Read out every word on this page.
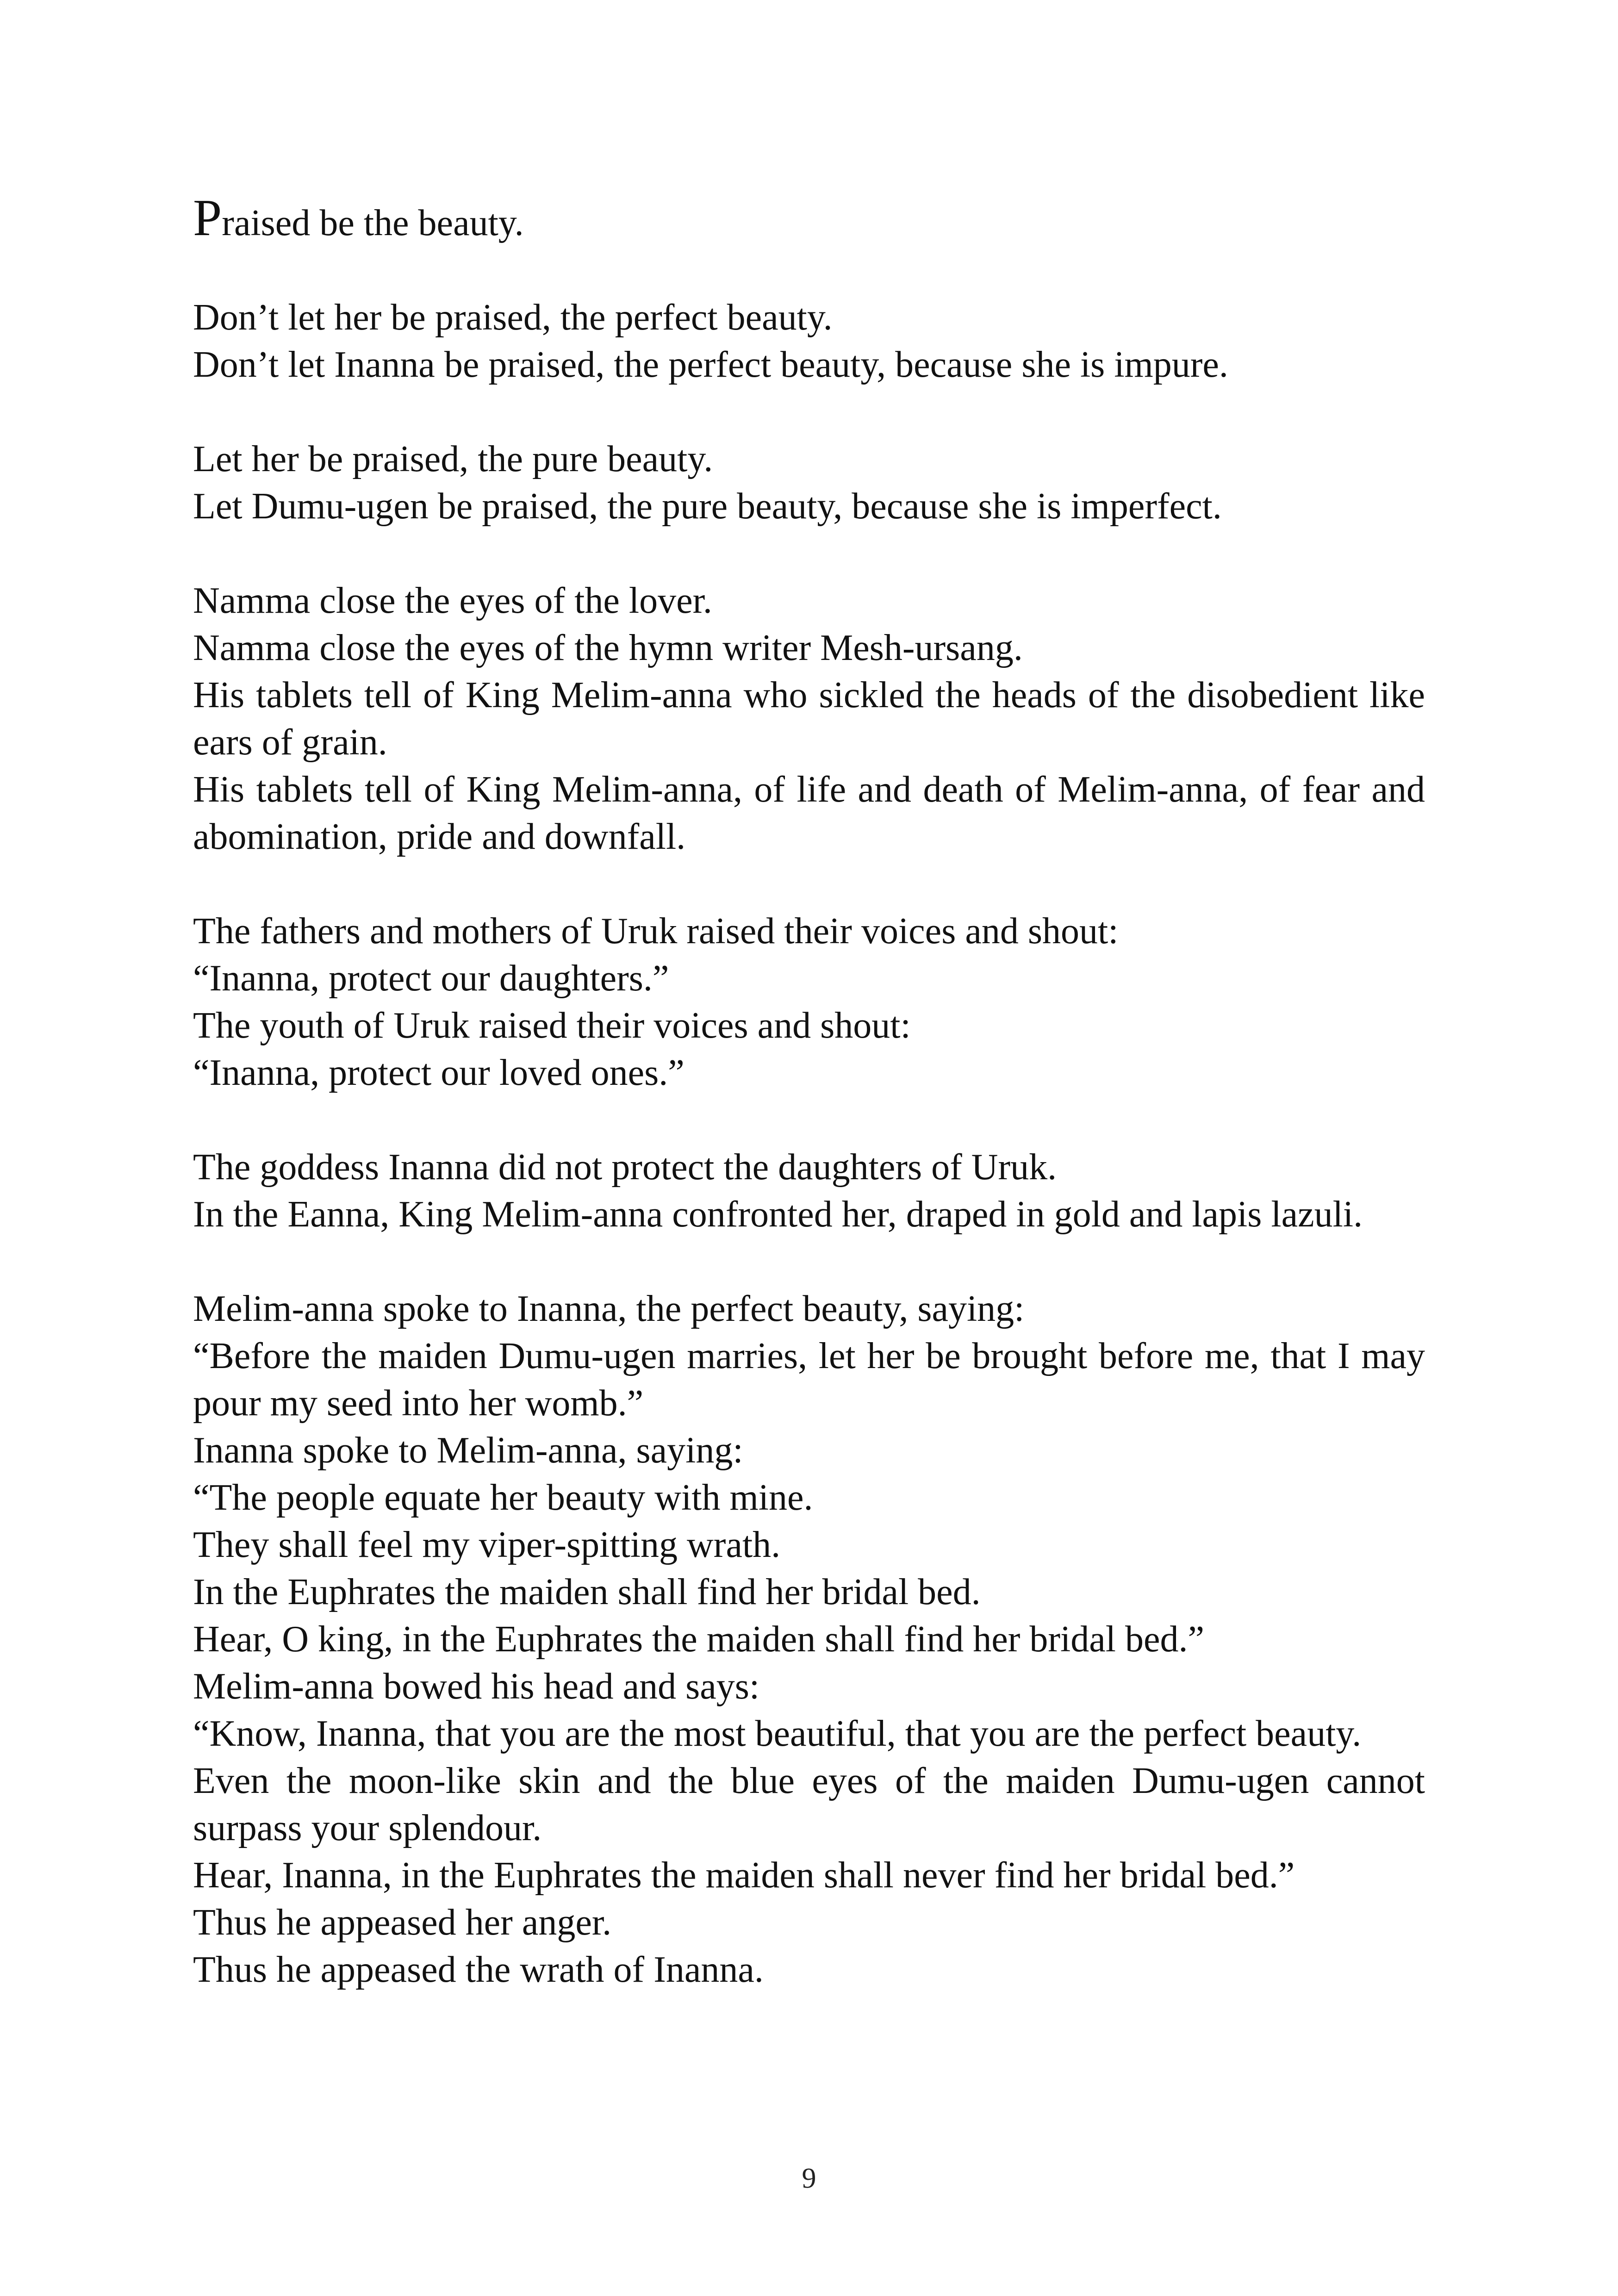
Praised be the beauty.
Don’t let her be praised, the perfect beauty.
Don’t let Inanna be praised, the perfect beauty, because she is impure.
Let her be praised, the pure beauty.
Let Dumu-ugen be praised, the pure beauty, because she is imperfect.
Namma close the eyes of the lover.
Namma close the eyes of the hymn writer Mesh-ursang.
His tablets tell of King Melim-anna who sickled the heads of the disobedient like ears of grain.
His tablets tell of King Melim-anna, of life and death of Melim-anna, of fear and abomination, pride and downfall.
The fathers and mothers of Uruk raised their voices and shout:
“Inanna, protect our daughters.”
The youth of Uruk raised their voices and shout:
“Inanna, protect our loved ones.”
The goddess Inanna did not protect the daughters of Uruk.
In the Eanna, King Melim-anna confronted her, draped in gold and lapis lazuli.
Melim-anna spoke to Inanna, the perfect beauty, saying:
“Before the maiden Dumu-ugen marries, let her be brought before me, that I may pour my seed into her womb.”
Inanna spoke to Melim-anna, saying:
“The people equate her beauty with mine.
They shall feel my viper-spitting wrath.
In the Euphrates the maiden shall find her bridal bed.
Hear, O king, in the Euphrates the maiden shall find her bridal bed.”
Melim-anna bowed his head and says:
“Know, Inanna, that you are the most beautiful, that you are the perfect beauty.
Even the moon-like skin and the blue eyes of the maiden Dumu-ugen cannot surpass your splendour.
Hear, Inanna, in the Euphrates the maiden shall never find her bridal bed.”
Thus he appeased her anger.
Thus he appeased the wrath of Inanna.
9
